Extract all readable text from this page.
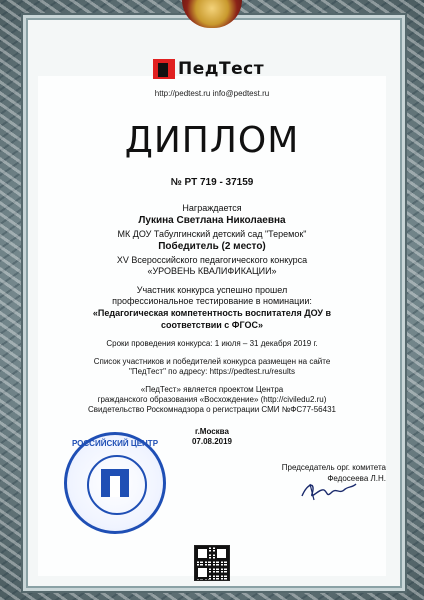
ПедТест
http://pedtest.ru info@pedtest.ru
ДИПЛОМ
№ РТ 719 - 37159
Награждается
Лукина Светлана Николаевна
МК ДОУ Табулгинский детский сад "Теремок"
Победитель (2 место)
XV Всероссийского педагогического конкурса
«УРОВЕНЬ КВАЛИФИКАЦИИ»
Участник конкурса успешно прошел
профессиональное тестирование в номинации:
«Педагогическая компетентность воспитателя ДОУ в
соответствии с ФГОС»
Сроки проведения конкурса: 1 июля – 31 декабря 2019 г.
Список участников и победителей конкурса размещен на сайте
"ПедТест" по адресу: https://pedtest.ru/results
«ПедТест» является проектом Центра
гражданского образования «Восхождение» (http://civiledu2.ru)
Свидетельство Роскомнадзора о регистрации СМИ №ФС77-56431
г.Москва
07.08.2019
РОССИЙСКИЙ ЦЕНТР
Председатель орг. комитета
Федосеева Л.Н.
